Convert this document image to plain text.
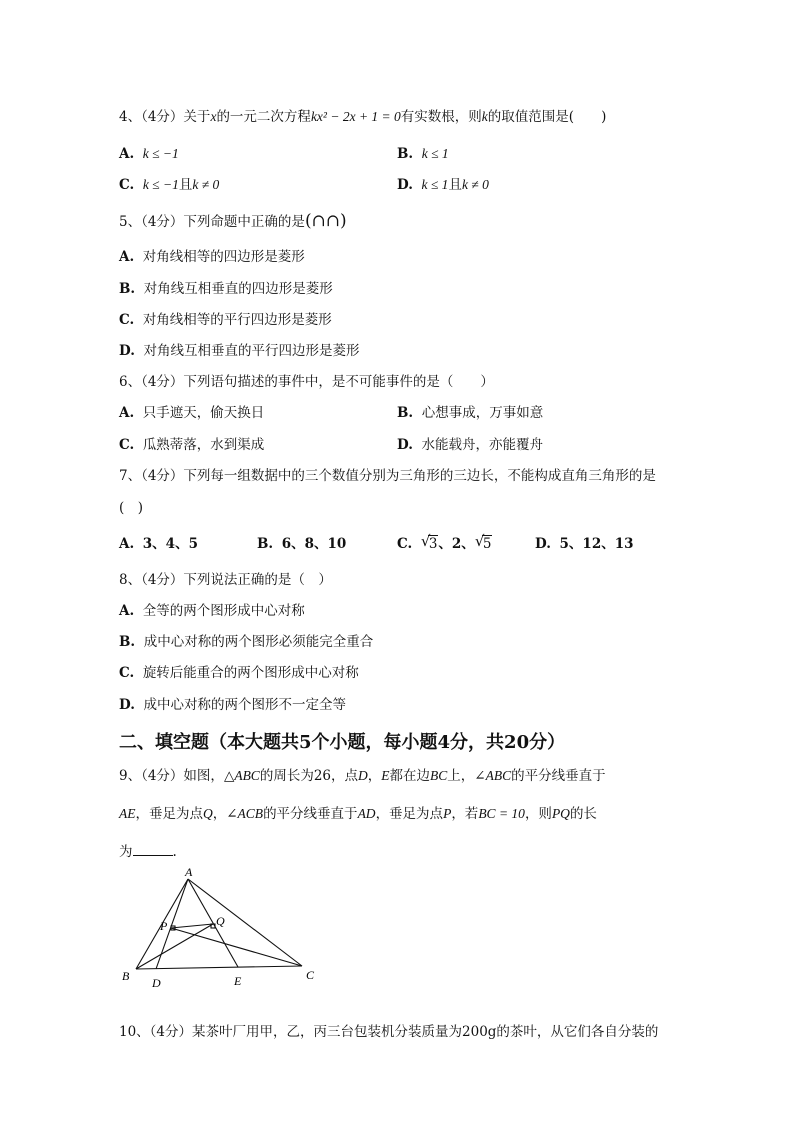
4、（4分）关于x的一元二次方程kx² − 2x + 1 = 0有实数根，则k的取值范围是(　　)
A. k ≤ −1	B. k ≤ 1
C. k ≤ −1且k ≠ 0	D. k ≤ 1且k ≠ 0
5、（4分）下列命题中正确的是(∩∩)
A. 对角线相等的四边形是菱形
B. 对角线互相垂直的四边形是菱形
C. 对角线相等的平行四边形是菱形
D. 对角线互相垂直的平行四边形是菱形
6、（4分）下列语句描述的事件中，是不可能事件的是（　　）
A. 只手遮天，偷天换日	B. 心想事成，万事如意
C. 瓜熟蒂落，水到渠成	D. 水能载舟，亦能覆舟
7、（4分）下列每一组数据中的三个数值分别为三角形的三边长，不能构成直角三角形的是
(　)
A. 3、4、5	B. 6、8、10	C. √
3、2、 √
5	D. 5、12、13
8、（4分）下列说法正确的是（　）
A. 全等的两个图形成中心对称
B. 成中心对称的两个图形必须能完全重合
C. 旋转后能重合的两个图形成中心对称
D. 成中心对称的两个图形不一定全等
二、填空题（本大题共5个小题，每小题4分，共20分）
9、（4分）如图，△ABC的周长为26，点D，E都在边BC上，∠ABC的平分线垂直于
AE，垂足为点Q，∠ACB的平分线垂直于AD，垂足为点P，若BC = 10，则PQ的长
为	.
A
B	C
D	E
P	Q
10、（4分）某茶叶厂用甲，乙，丙三台包装机分装质量为200g的茶叶，从它们各自分装的
